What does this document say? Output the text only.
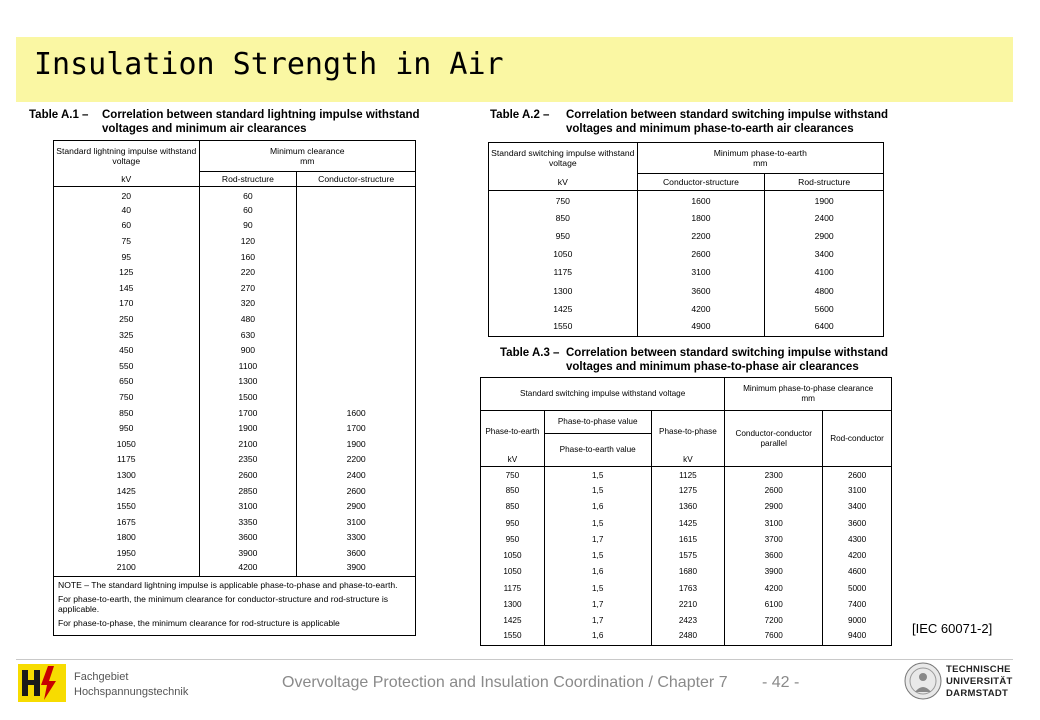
Insulation Strength in Air
Table A.1 – Correlation between standard lightning impulse withstand
voltages and minimum air clearances
Standard lightning impulse withstand voltage	Minimum clearance
mm	
kV	Rod-structure	Conductor-structure
20	60	
40	60	
60	90	
75	120	
95	160	
125	220	
145	270	
170	320	
250	480	
325	630	
450	900	
550	1100	
650	1300	
750	1500	
850	1700	1600
950	1900	1700
1050	2100	1900
1175	2350	2200
1300	2600	2400
1425	2850	2600
1550	3100	2900
1675	3350	3100
1800	3600	3300
1950	3900	3600
2100	4200	3900

NOTE – The standard lightning impulse is applicable phase-to-phase and phase-to-earth.

For phase-to-earth, the minimum clearance for conductor-structure and rod-structure is applicable.

For phase-to-phase, the minimum clearance for rod-structure is applicable		

Table A.2 – Correlation between standard switching impulse withstand
voltages and minimum phase-to-earth air clearances
Standard switching impulse withstand voltage	Minimum phase-to-earth
mm	
kV	Conductor-structure	Rod-structure
750	1600	1900
850	1800	2400
950	2200	2900
1050	2600	3400
1175	3100	4100
1300	3600	4800
1425	4200	5600
1550	4900	6400
Table A.3 – Correlation between standard switching impulse withstand
voltages and minimum phase-to-phase air clearances
Standard switching impulse withstand voltage			Minimum phase-to-phase clearance
mm	
Phase-to-earth	Phase-to-phase value	Phase-to-phase	Conductor-conductor parallel	Rod-conductor
	Phase-to-earth value			
kV		kV		
750	1,5	1125	2300	2600
850	1,5	1275	2600	3100
850	1,6	1360	2900	3400
950	1,5	1425	3100	3600
950	1,7	1615	3700	4300
1050	1,5	1575	3600	4200
1050	1,6	1680	3900	4600
1175	1,5	1763	4200	5000
1300	1,7	2210	6100	7400
1425	1,7	2423	7200	9000
1550	1,6	2480	7600	9400	[IEC 60071-2]
Fachgebiet
Hochspannungstechnik
Overvoltage Protection and Insulation Coordination / Chapter 7 - 42 -
TECHNISCHE
UNIVERSITÄT
DARMSTADT
